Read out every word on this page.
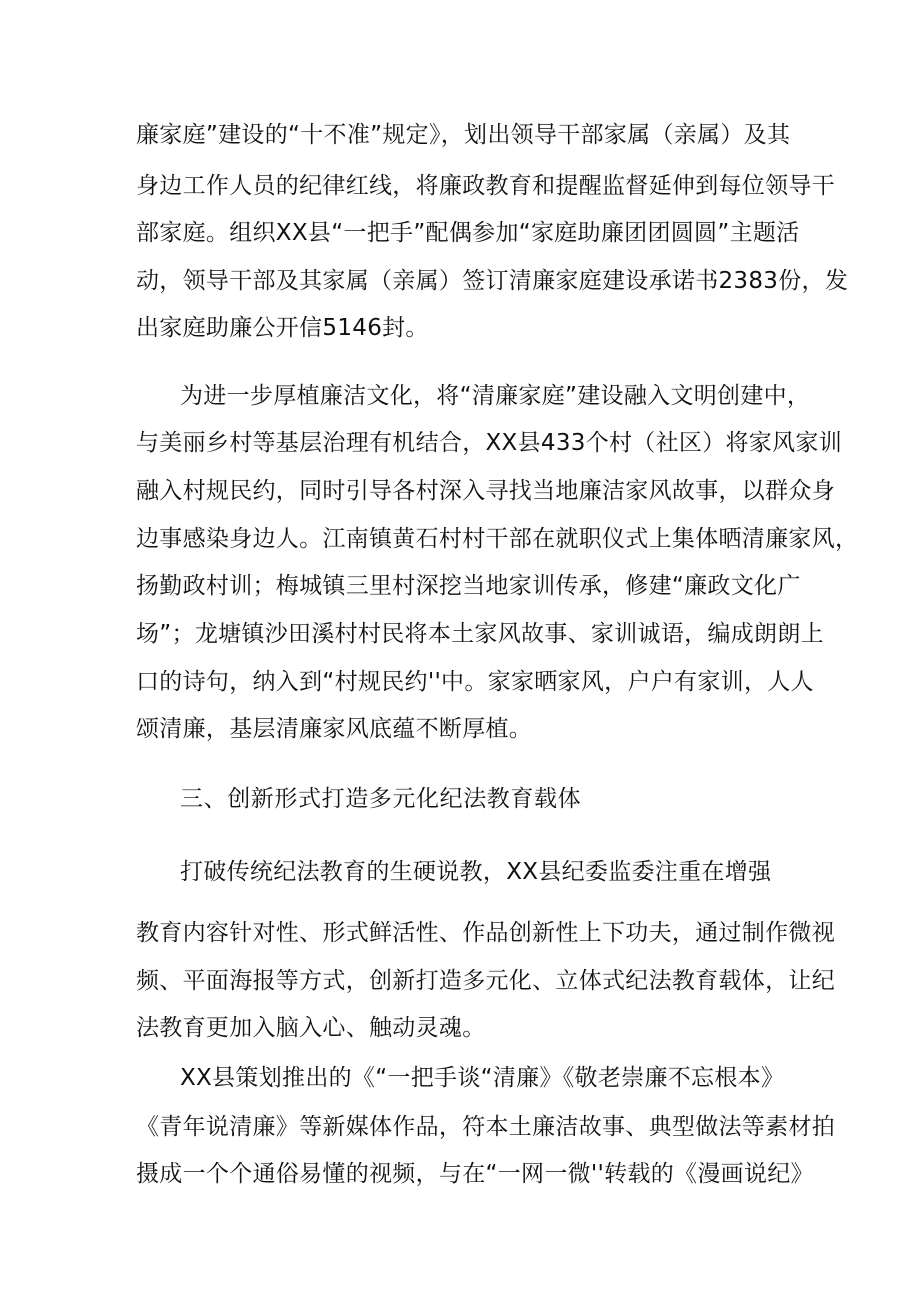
廉家庭”建设的“十不准”规定》，划出领导干部家属（亲属）及其
身边工作人员的纪律红线，将廉政教育和提醒监督延伸到每位领导干
部家庭。组织XX县“一把手”配偶参加“家庭助廉团团圆圆”主题活
动，领导干部及其家属（亲属）签订清廉家庭建设承诺书2383份，发
出家庭助廉公开信5146封。
为进一步厚植廉洁文化，将“清廉家庭”建设融入文明创建中，
与美丽乡村等基层治理有机结合，XX县433个村（社区）将家风家训
融入村规民约，同时引导各村深入寻找当地廉洁家风故事，以群众身
边事感染身边人。江南镇黄石村村干部在就职仪式上集体晒清廉家风，
扬勤政村训；梅城镇三里村深挖当地家训传承，修建“廉政文化广
场”；龙塘镇沙田溪村村民将本土家风故事、家训诚语，编成朗朗上
口的诗句，纳入到“村规民约''中。家家晒家风，户户有家训，人人
颂清廉，基层清廉家风底蕴不断厚植。
三、创新形式打造多元化纪法教育载体
打破传统纪法教育的生硬说教，XX县纪委监委注重在增强
教育内容针对性、形式鲜活性、作品创新性上下功夫，通过制作微视
频、平面海报等方式，创新打造多元化、立体式纪法教育载体，让纪
法教育更加入脑入心、触动灵魂。
XX县策划推出的《“一把手谈“清廉》《敬老崇廉不忘根本》
《青年说清廉》等新媒体作品，符本土廉洁故事、典型做法等素材拍
摄成一个个通俗易懂的视频，与在“一网一微''转载的《漫画说纪》
